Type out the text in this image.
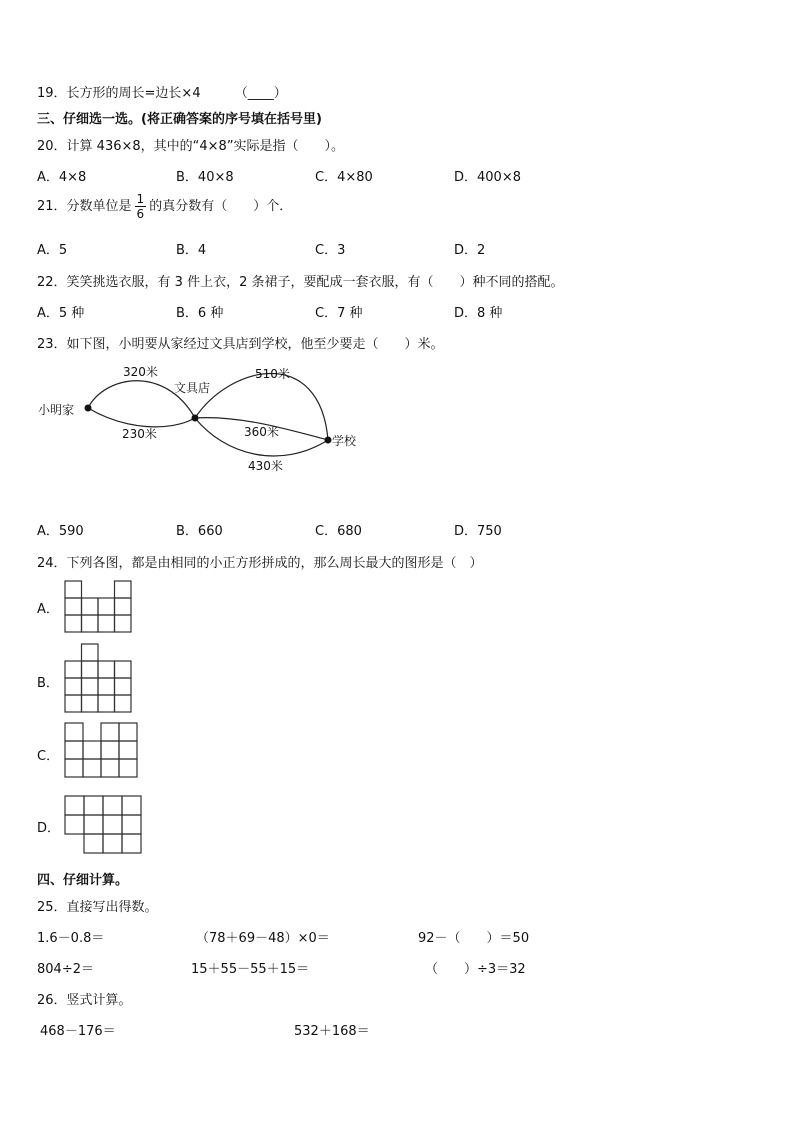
19．长方形的周长=边长×4	（____）
三、仔细选一选。(将正确答案的序号填在括号里)
20．计算 436×8，其中的“4×8”实际是指（　　）。
A．4×8	B．40×8	C．4×80	D．400×8
21．分数单位是 $\frac{1}{6}$ 的真分数有（　　）个．
A．5	B．4	C．3	D．2
22．笑笑挑选衣服，有 3 件上衣，2 条裙子，要配成一套衣服，有（　　）种不同的搭配。
A．5 种	B．6 种	C．7 种	D．8 种
23．如下图，小明要从家经过文具店到学校，他至少要走（　　）米。
小明家
文具店
学校
320米
230米
510米
360米
430米
A．590	B．660	C．680	D．750
24．下列各图，都是由相同的小正方形拼成的，那么周长最大的图形是（　）
A．
B．
C．
D．
四、仔细计算。
25．直接写出得数。
1.6－0.8＝	（78＋69－48）×0＝	92－（　　）＝50
804÷2＝	15＋55－55＋15＝	（　　）÷3＝32
26．竖式计算。
468－176＝	532＋168＝
